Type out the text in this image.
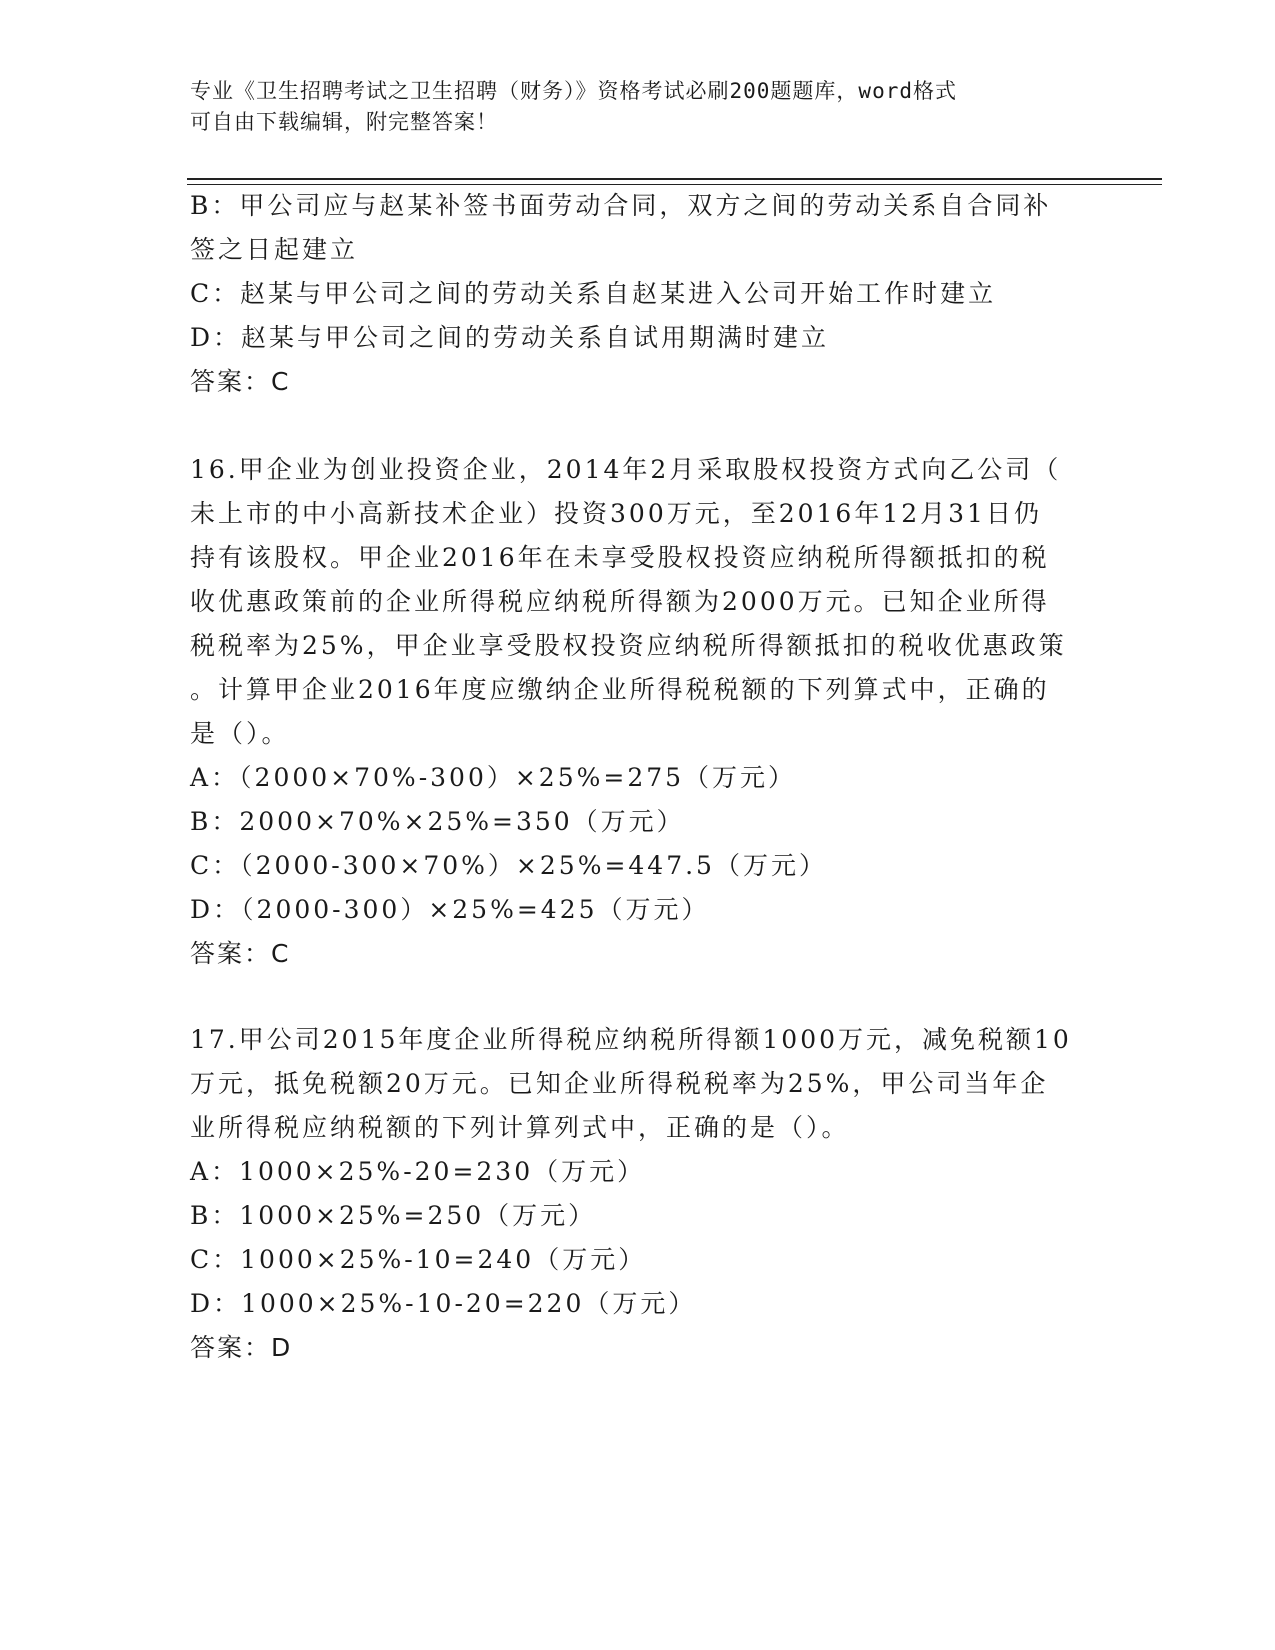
专业《卫生招聘考试之卫生招聘（财务）》资格考试必刷200题题库，word格式
可自由下载编辑，附完整答案！
B：甲公司应与赵某补签书面劳动合同，双方之间的劳动关系自合同补
签之日起建立
C：赵某与甲公司之间的劳动关系自赵某进入公司开始工作时建立
D：赵某与甲公司之间的劳动关系自试用期满时建立
答案：C
16.甲企业为创业投资企业，2014年2月采取股权投资方式向乙公司（
未上市的中小高新技术企业）投资300万元，至2016年12月31日仍
持有该股权。甲企业2016年在未享受股权投资应纳税所得额抵扣的税
收优惠政策前的企业所得税应纳税所得额为2000万元。已知企业所得
税税率为25%，甲企业享受股权投资应纳税所得额抵扣的税收优惠政策
。计算甲企业2016年度应缴纳企业所得税税额的下列算式中，正确的
是（）。
A：（2000×70%-300）×25%=275（万元）
B：2000×70%×25%=350（万元）
C：（2000-300×70%）×25%=447.5（万元）
D：（2000-300）×25%=425（万元）
答案：C
17.甲公司2015年度企业所得税应纳税所得额1000万元，减免税额10
万元，抵免税额20万元。已知企业所得税税率为25%，甲公司当年企
业所得税应纳税额的下列计算列式中，正确的是（）。
A：1000×25%-20=230（万元）
B：1000×25%=250（万元）
C：1000×25%-10=240（万元）
D：1000×25%-10-20=220（万元）
答案：D
